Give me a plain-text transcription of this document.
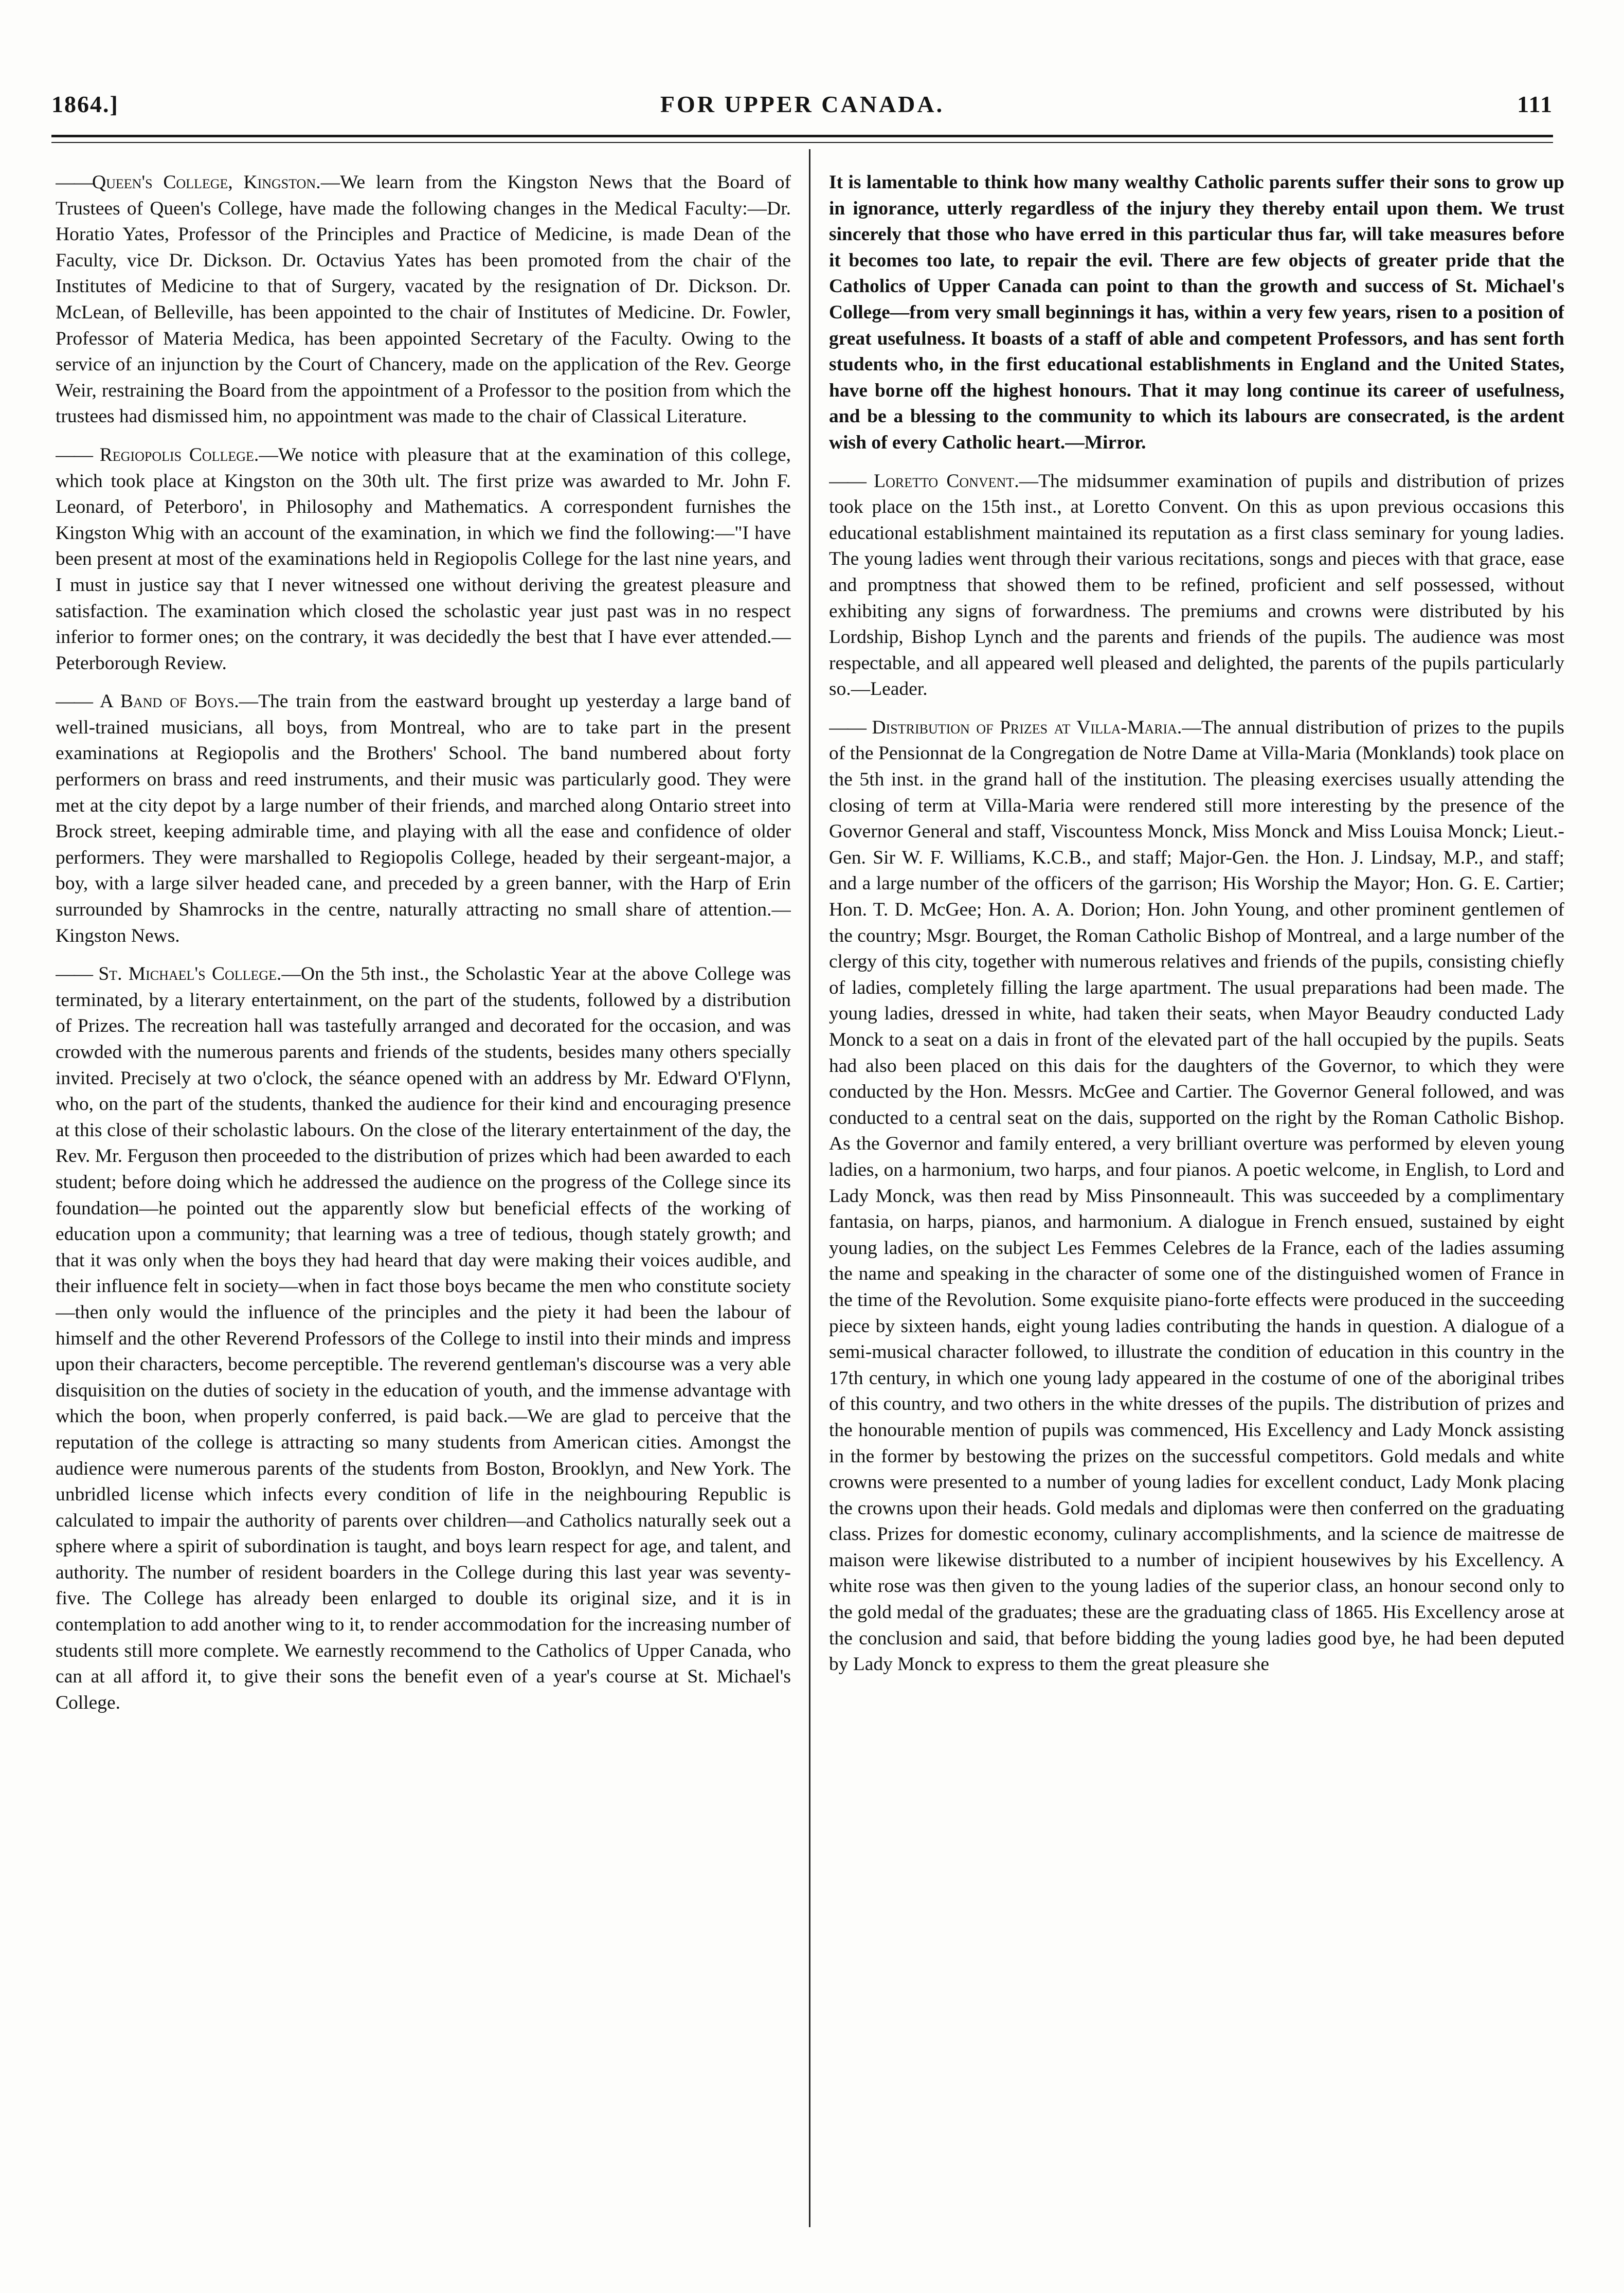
1864.]	FOR UPPER CANADA.	111

——Queen's College, Kingston.—We learn from the Kingston News that the Board of Trustees of Queen's College, have made the following changes in the Medical Faculty:—Dr. Horatio Yates, Professor of the Principles and Practice of Medicine, is made Dean of the Faculty, vice Dr. Dickson. Dr. Octavius Yates has been promoted from the chair of the Institutes of Medicine to that of Surgery, vacated by the resignation of Dr. Dickson. Dr. McLean, of Belleville, has been appointed to the chair of Institutes of Medicine. Dr. Fowler, Professor of Materia Medica, has been appointed Secretary of the Faculty. Owing to the service of an injunction by the Court of Chancery, made on the application of the Rev. George Weir, restraining the Board from the appointment of a Professor to the position from which the trustees had dismissed him, no appointment was made to the chair of Classical Literature.

—— Regiopolis College.—We notice with pleasure that at the examination of this college, which took place at Kingston on the 30th ult. The first prize was awarded to Mr. John F. Leonard, of Peterboro', in Philosophy and Mathematics. A correspondent furnishes the Kingston Whig with an account of the examination, in which we find the following:—"I have been present at most of the examinations held in Regiopolis College for the last nine years, and I must in justice say that I never witnessed one without deriving the greatest pleasure and satisfaction. The examination which closed the scholastic year just past was in no respect inferior to former ones; on the contrary, it was decidedly the best that I have ever attended.—Peterborough Review.

—— A Band of Boys.—The train from the eastward brought up yesterday a large band of well-trained musicians, all boys, from Montreal, who are to take part in the present examinations at Regiopolis and the Brothers' School. The band numbered about forty performers on brass and reed instruments, and their music was particularly good. They were met at the city depot by a large number of their friends, and marched along Ontario street into Brock street, keeping admirable time, and playing with all the ease and confidence of older performers. They were marshalled to Regiopolis College, headed by their sergeant-major, a boy, with a large silver headed cane, and preceded by a green banner, with the Harp of Erin surrounded by Shamrocks in the centre, naturally attracting no small share of attention.—Kingston News.

—— St. Michael's College.—On the 5th inst., the Scholastic Year at the above College was terminated, by a literary entertainment, on the part of the students, followed by a distribution of Prizes. The recreation hall was tastefully arranged and decorated for the occasion, and was crowded with the numerous parents and friends of the students, besides many others specially invited. Precisely at two o'clock, the séance opened with an address by Mr. Edward O'Flynn, who, on the part of the students, thanked the audience for their kind and encouraging presence at this close of their scholastic labours. On the close of the literary entertainment of the day, the Rev. Mr. Ferguson then proceeded to the distribution of prizes which had been awarded to each student; before doing which he addressed the audience on the progress of the College since its foundation—he pointed out the apparently slow but beneficial effects of the working of education upon a community; that learning was a tree of tedious, though stately growth; and that it was only when the boys they had heard that day were making their voices audible, and their influence felt in society—when in fact those boys became the men who constitute society—then only would the influence of the principles and the piety it had been the labour of himself and the other Reverend Professors of the College to instil into their minds and impress upon their characters, become perceptible. The reverend gentleman's discourse was a very able disquisition on the duties of society in the education of youth, and the immense advantage with which the boon, when properly conferred, is paid back.—We are glad to perceive that the reputation of the college is attracting so many students from American cities. Amongst the audience were numerous parents of the students from Boston, Brooklyn, and New York. The unbridled license which infects every condition of life in the neighbouring Republic is calculated to impair the authority of parents over children—and Catholics naturally seek out a sphere where a spirit of subordination is taught, and boys learn respect for age, and talent, and authority. The number of resident boarders in the College during this last year was seventy-five. The College has already been enlarged to double its original size, and it is in contemplation to add another wing to it, to render accommodation for the increasing number of students still more complete. We earnestly recommend to the Catholics of Upper Canada, who can at all afford it, to give their sons the benefit even of a year's course at St. Michael's College.

It is lamentable to think how many wealthy Catholic parents suffer their sons to grow up in ignorance, utterly regardless of the injury they thereby entail upon them. We trust sincerely that those who have erred in this particular thus far, will take measures before it becomes too late, to repair the evil. There are few objects of greater pride that the Catholics of Upper Canada can point to than the growth and success of St. Michael's College—from very small beginnings it has, within a very few years, risen to a position of great usefulness. It boasts of a staff of able and competent Professors, and has sent forth students who, in the first educational establishments in England and the United States, have borne off the highest honours. That it may long continue its career of usefulness, and be a blessing to the community to which its labours are consecrated, is the ardent wish of every Catholic heart.—Mirror.

—— Loretto Convent.—The midsummer examination of pupils and distribution of prizes took place on the 15th inst., at Loretto Convent. On this as upon previous occasions this educational establishment maintained its reputation as a first class seminary for young ladies. The young ladies went through their various recitations, songs and pieces with that grace, ease and promptness that showed them to be refined, proficient and self possessed, without exhibiting any signs of forwardness. The premiums and crowns were distributed by his Lordship, Bishop Lynch and the parents and friends of the pupils. The audience was most respectable, and all appeared well pleased and delighted, the parents of the pupils particularly so.—Leader.

—— Distribution of Prizes at Villa-Maria.—The annual distribution of prizes to the pupils of the Pensionnat de la Congregation de Notre Dame at Villa-Maria (Monklands) took place on the 5th inst. in the grand hall of the institution. The pleasing exercises usually attending the closing of term at Villa-Maria were rendered still more interesting by the presence of the Governor General and staff, Viscountess Monck, Miss Monck and Miss Louisa Monck; Lieut.-Gen. Sir W. F. Williams, K.C.B., and staff; Major-Gen. the Hon. J. Lindsay, M.P., and staff; and a large number of the officers of the garrison; His Worship the Mayor; Hon. G. E. Cartier; Hon. T. D. McGee; Hon. A. A. Dorion; Hon. John Young, and other prominent gentlemen of the country; Msgr. Bourget, the Roman Catholic Bishop of Montreal, and a large number of the clergy of this city, together with numerous relatives and friends of the pupils, consisting chiefly of ladies, completely filling the large apartment. The usual preparations had been made. The young ladies, dressed in white, had taken their seats, when Mayor Beaudry conducted Lady Monck to a seat on a dais in front of the elevated part of the hall occupied by the pupils. Seats had also been placed on this dais for the daughters of the Governor, to which they were conducted by the Hon. Messrs. McGee and Cartier. The Governor General followed, and was conducted to a central seat on the dais, supported on the right by the Roman Catholic Bishop. As the Governor and family entered, a very brilliant overture was performed by eleven young ladies, on a harmonium, two harps, and four pianos. A poetic welcome, in English, to Lord and Lady Monck, was then read by Miss Pinsonneault. This was succeeded by a complimentary fantasia, on harps, pianos, and harmonium. A dialogue in French ensued, sustained by eight young ladies, on the subject Les Femmes Celebres de la France, each of the ladies assuming the name and speaking in the character of some one of the distinguished women of France in the time of the Revolution. Some exquisite piano-forte effects were produced in the succeeding piece by sixteen hands, eight young ladies contributing the hands in question. A dialogue of a semi-musical character followed, to illustrate the condition of education in this country in the 17th century, in which one young lady appeared in the costume of one of the aboriginal tribes of this country, and two others in the white dresses of the pupils. The distribution of prizes and the honourable mention of pupils was commenced, His Excellency and Lady Monck assisting in the former by bestowing the prizes on the successful competitors. Gold medals and white crowns were presented to a number of young ladies for excellent conduct, Lady Monk placing the crowns upon their heads. Gold medals and diplomas were then conferred on the graduating class. Prizes for domestic economy, culinary accomplishments, and la science de maitresse de maison were likewise distributed to a number of incipient housewives by his Excellency. A white rose was then given to the young ladies of the superior class, an honour second only to the gold medal of the graduates; these are the graduating class of 1865. His Excellency arose at the conclusion and said, that before bidding the young ladies good bye, he had been deputed by Lady Monck to express to them the great pleasure she
